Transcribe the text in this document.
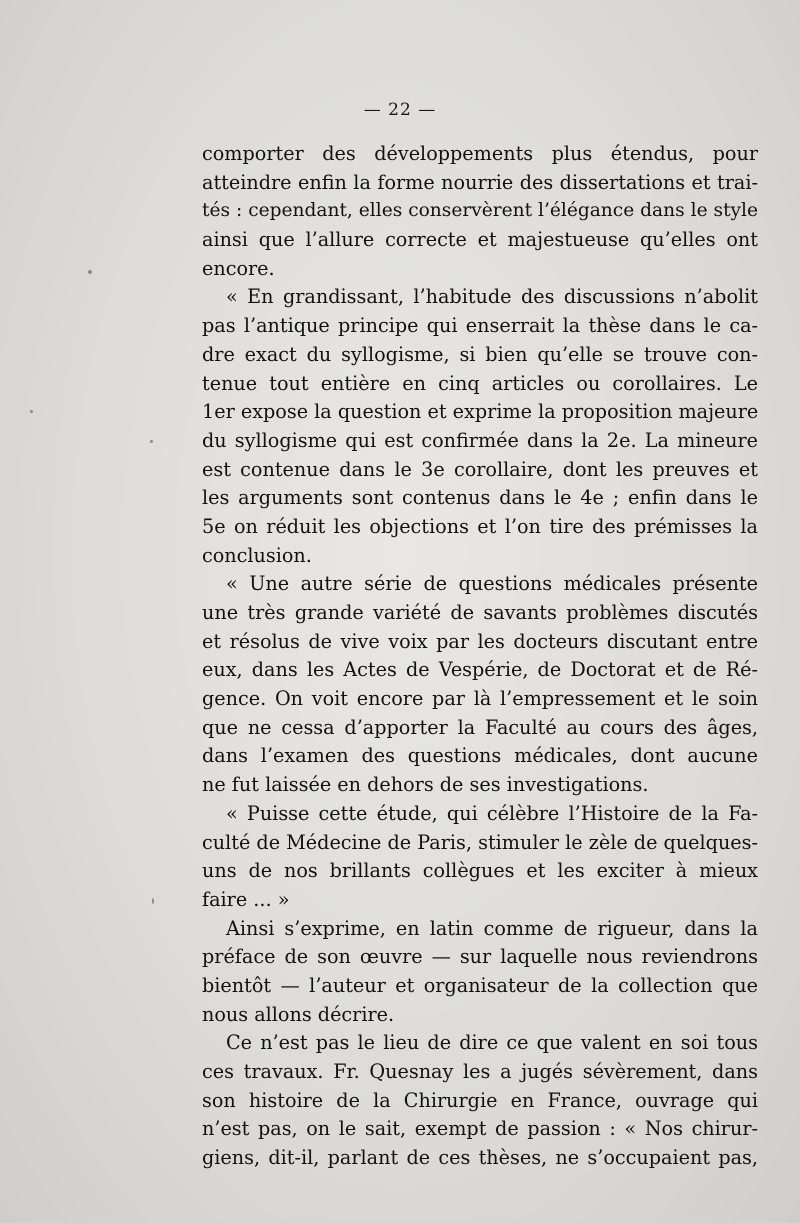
— 22 —
comporter des développements plus étendus, pour
atteindre enfin la forme nourrie des dissertations et trai-
tés : cependant, elles conservèrent l’élégance dans le style
ainsi que l’allure correcte et majestueuse qu’elles ont
encore.
« En grandissant, l’habitude des discussions n’abolit
pas l’antique principe qui enserrait la thèse dans le ca-
dre exact du syllogisme, si bien qu’elle se trouve con-
tenue tout entière en cinq articles ou corollaires. Le
1er expose la question et exprime la proposition majeure
du syllogisme qui est confirmée dans la 2e. La mineure
est contenue dans le 3e corollaire, dont les preuves et
les arguments sont contenus dans le 4e ; enfin dans le
5e on réduit les objections et l’on tire des prémisses la
conclusion.
« Une autre série de questions médicales présente
une très grande variété de savants problèmes discutés
et résolus de vive voix par les docteurs discutant entre
eux, dans les Actes de Vespérie, de Doctorat et de Ré-
gence. On voit encore par là l’empressement et le soin
que ne cessa d’apporter la Faculté au cours des âges,
dans l’examen des questions médicales, dont aucune
ne fut laissée en dehors de ses investigations.
« Puisse cette étude, qui célèbre l’Histoire de la Fa-
culté de Médecine de Paris, stimuler le zèle de quelques-
uns de nos brillants collègues et les exciter à mieux
faire ... »
Ainsi s’exprime, en latin comme de rigueur, dans la
préface de son œuvre — sur laquelle nous reviendrons
bientôt — l’auteur et organisateur de la collection que
nous allons décrire.
Ce n’est pas le lieu de dire ce que valent en soi tous
ces travaux. Fr. Quesnay les a jugés sévèrement, dans
son histoire de la Chirurgie en France, ouvrage qui
n’est pas, on le sait, exempt de passion : « Nos chirur-
giens, dit-il, parlant de ces thèses, ne s’occupaient pas,
